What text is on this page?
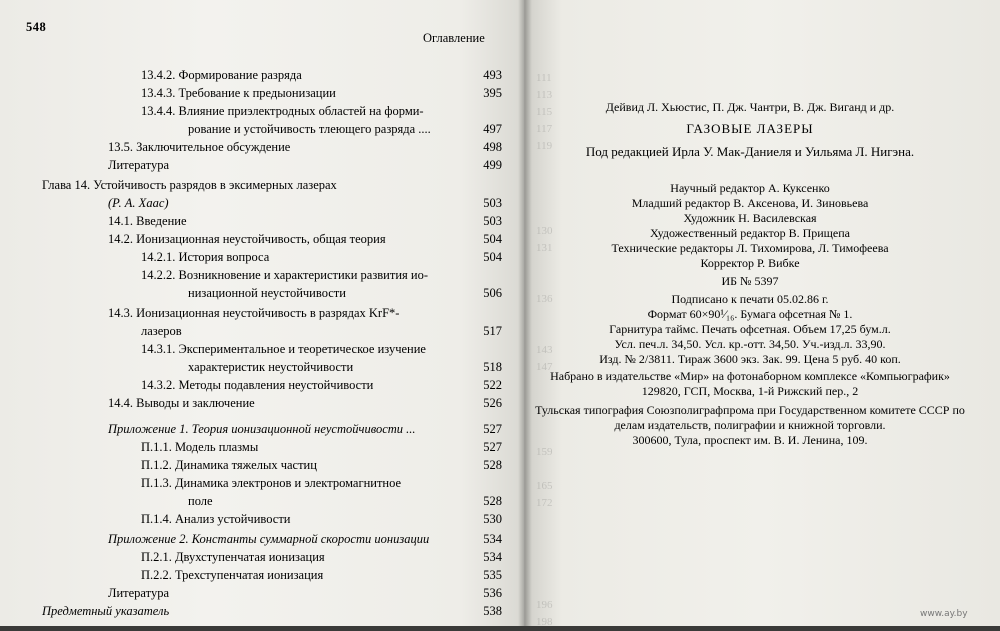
111
113
115
117
119

130
131

136

143
147

159

165
172

196
198
548
Оглавление
13.4.2. Формирование разряда	493
13.4.3. Требование к предыонизации	395
13.4.4. Влияние приэлектродных областей на форми-
рование и устойчивость тлеющего разряда ....	497
13.5. Заключительное обсуждение	498
Литература	499
Глава 14. Устойчивость разрядов в эксимерных лазерах
(Р. А. Хаас)	503
14.1. Введение	503
14.2. Ионизационная неустойчивость, общая теория	504
14.2.1. История вопроса	504
14.2.2. Возникновение и характеристики развития ио-
низационной неустойчивости	506
14.3. Ионизационная неустойчивость в разрядах KrF*-
лазеров	517
14.3.1. Экспериментальное и теоретическое изучение
характеристик неустойчивости	518
14.3.2. Методы подавления неустойчивости	522
14.4. Выводы и заключение	526
Приложение 1. Теория ионизационной неустойчивости ...	527
П.1.1. Модель плазмы	527
П.1.2. Динамика тяжелых частиц	528
П.1.3. Динамика электронов и электромагнитное
поле	528
П.1.4. Анализ устойчивости	530
Приложение 2. Константы суммарной скорости ионизации	534
П.2.1. Двухступенчатая ионизация	534
П.2.2. Трехступенчатая ионизация	535
Литература	536
Предметный указатель	538
Дейвид Л. Хьюстис, П. Дж. Чантри, В. Дж. Виганд и др.
ГАЗОВЫЕ ЛАЗЕРЫ
Под редакцией Ирла У. Мак-Даниеля и Уильяма Л. Нигэна.
Научный редактор А. Куксенко
Младший редактор В. Аксенова, И. Зиновьева
Художник Н. Василевская
Художественный редактор В. Прищепа
Технические редакторы Л. Тихомирова, Л. Тимофеева
Корректор Р. Вибке
ИБ № 5397
Подписано к печати 05.02.86 г.
Формат 60×90¹⁄₁₆. Бумага офсетная № 1.
Гарнитура таймс. Печать офсетная. Объем 17,25 бум.л.
Усл. печ.л. 34,50. Усл. кр.-отт. 34,50. Уч.-изд.л. 33,90.
Изд. № 2/3811. Тираж 3600 экз. Зак. 99. Цена 5 руб. 40 коп.
Набрано в издательстве «Мир» на фотонаборном комплексе «Компьюграфик»
129820, ГСП, Москва, 1-й Рижский пер., 2
Тульская типография Союзполиграфпрома при Государственном комитете СССР по
делам издательств, полиграфии и книжной торговли.
300600, Тула, проспект им. В. И. Ленина, 109.
www.ay.by
